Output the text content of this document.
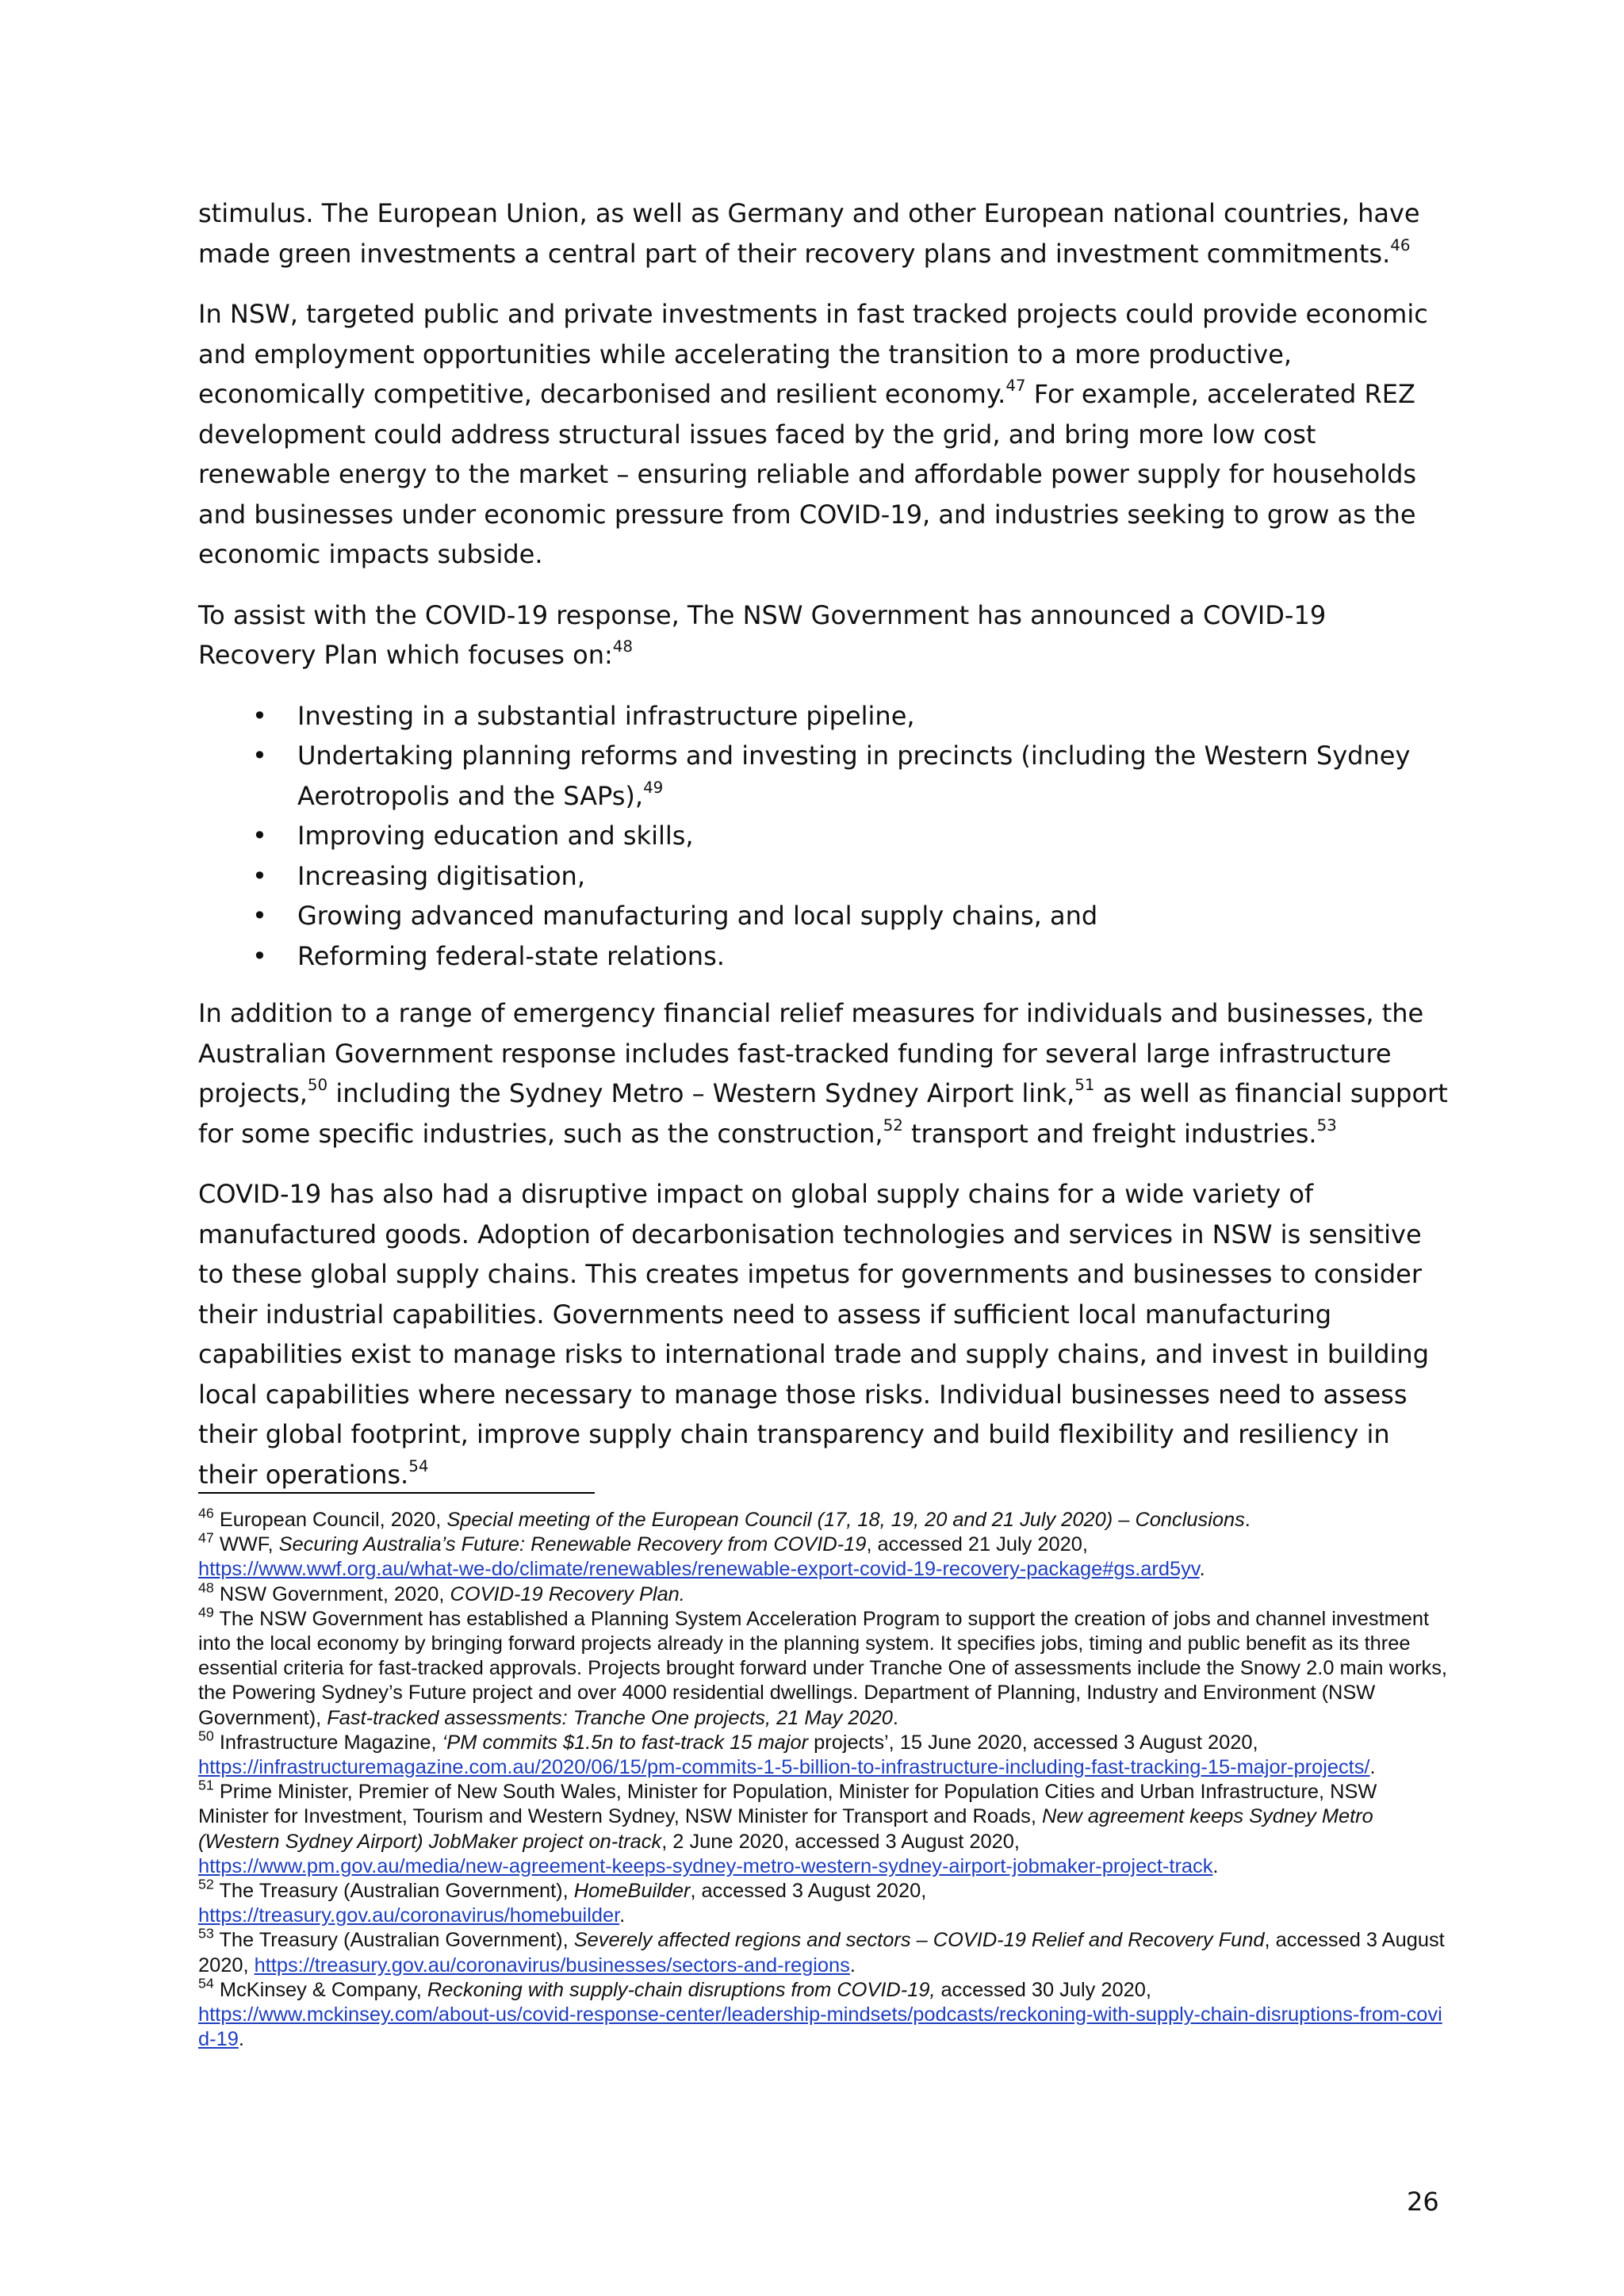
stimulus. The European Union, as well as Germany and other European national countries, have made green investments a central part of their recovery plans and investment commitments.$^{46}$

In NSW, targeted public and private investments in fast tracked projects could provide economic and employment opportunities while accelerating the transition to a more productive, economically competitive, decarbonised and resilient economy.$^{47}$ For example, accelerated REZ development could address structural issues faced by the grid, and bring more low cost renewable energy to the market – ensuring reliable and affordable power supply for households and businesses under economic pressure from COVID-19, and industries seeking to grow as the economic impacts subside.

To assist with the COVID-19 response, The NSW Government has announced a COVID-19 Recovery Plan which focuses on:$^{48}$

• Investing in a substantial infrastructure pipeline,
• Undertaking planning reforms and investing in precincts (including the Western Sydney Aerotropolis and the SAPs),$^{49}$
• Improving education and skills,
• Increasing digitisation,
• Growing advanced manufacturing and local supply chains, and
• Reforming federal-state relations.

In addition to a range of emergency financial relief measures for individuals and businesses, the Australian Government response includes fast-tracked funding for several large infrastructure projects,$^{50}$ including the Sydney Metro – Western Sydney Airport link,$^{51}$ as well as financial support for some specific industries, such as the construction,$^{52}$ transport and freight industries.$^{53}$

COVID-19 has also had a disruptive impact on global supply chains for a wide variety of manufactured goods. Adoption of decarbonisation technologies and services in NSW is sensitive to these global supply chains. This creates impetus for governments and businesses to consider their industrial capabilities. Governments need to assess if sufficient local manufacturing capabilities exist to manage risks to international trade and supply chains, and invest in building local capabilities where necessary to manage those risks. Individual businesses need to assess their global footprint, improve supply chain transparency and build flexibility and resiliency in their operations.$^{54}$

$^{46}$ European Council, 2020, Special meeting of the European Council (17, 18, 19, 20 and 21 July 2020) – Conclusions.

$^{47}$ WWF, Securing Australia’s Future: Renewable Recovery from COVID-19, accessed 21 July 2020,
https://www.wwf.org.au/what-we-do/climate/renewables/renewable-export-covid-19-recovery-package#gs.ard5yv.

$^{48}$ NSW Government, 2020, COVID-19 Recovery Plan.

$^{49}$ The NSW Government has established a Planning System Acceleration Program to support the creation of jobs and channel investment into the local economy by bringing forward projects already in the planning system. It specifies jobs, timing and public benefit as its three essential criteria for fast-tracked approvals. Projects brought forward under Tranche One of assessments include the Snowy 2.0 main works, the Powering Sydney’s Future project and over 4000 residential dwellings. Department of Planning, Industry and Environment (NSW Government), Fast-tracked assessments: Tranche One projects, 21 May 2020.

$^{50}$ Infrastructure Magazine, ‘PM commits $1.5n to fast-track 15 major projects’, 15 June 2020, accessed 3 August 2020,
https://infrastructuremagazine.com.au/2020/06/15/pm-commits-1-5-billion-to-infrastructure-including-fast-tracking-15-major-projects/.

$^{51}$ Prime Minister, Premier of New South Wales, Minister for Population, Minister for Population Cities and Urban Infrastructure, NSW Minister for Investment, Tourism and Western Sydney, NSW Minister for Transport and Roads, New agreement keeps Sydney Metro (Western Sydney Airport) JobMaker project on-track, 2 June 2020, accessed 3 August 2020,
https://www.pm.gov.au/media/new-agreement-keeps-sydney-metro-western-sydney-airport-jobmaker-project-track.

$^{52}$ The Treasury (Australian Government), HomeBuilder, accessed 3 August 2020,
https://treasury.gov.au/coronavirus/homebuilder.

$^{53}$ The Treasury (Australian Government), Severely affected regions and sectors – COVID-19 Relief and Recovery Fund, accessed 3 August 2020, https://treasury.gov.au/coronavirus/businesses/sectors-and-regions.

$^{54}$ McKinsey & Company, Reckoning with supply-chain disruptions from COVID-19, accessed 30 July 2020,
https://www.mckinsey.com/about-us/covid-response-center/leadership-mindsets/podcasts/reckoning-with-supply-chain-disruptions-from-covid-19.

26
